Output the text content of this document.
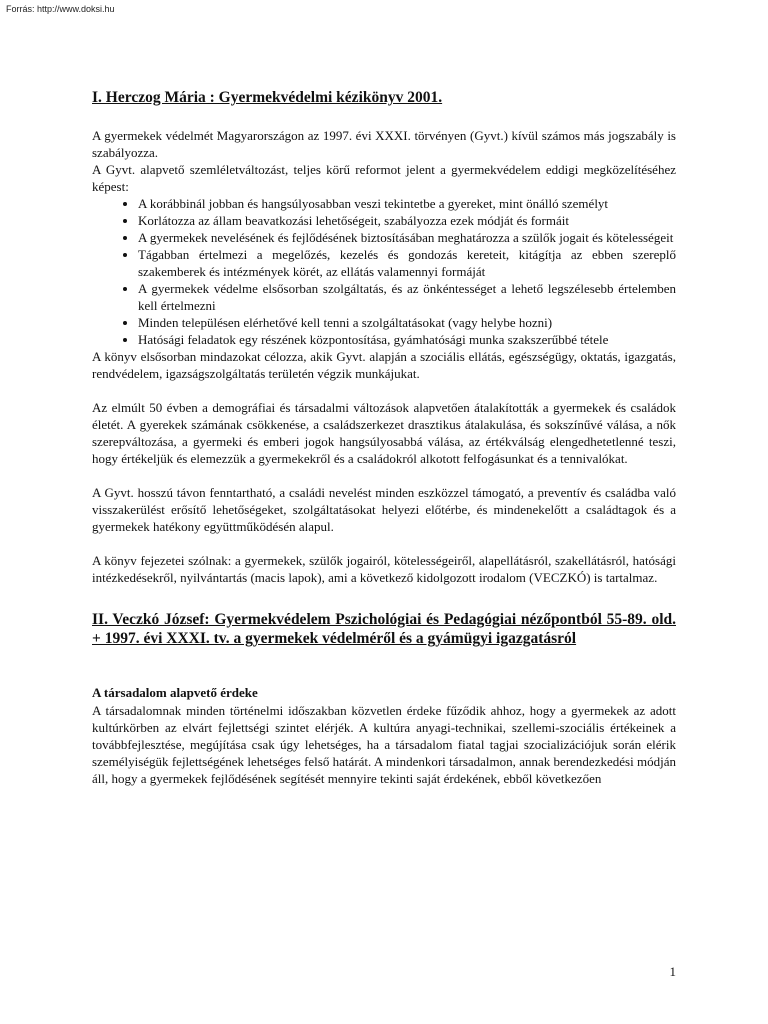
Forrás: http://www.doksi.hu
I. Herczog Mária : Gyermekvédelmi kézikönyv 2001.

A gyermekek védelmét Magyarországon az 1997. évi XXXI. törvényen (Gyvt.) kívül számos más jogszabály is szabályozza.

A Gyvt. alapvető szemléletváltozást, teljes körű reformot jelent a gyermekvédelem eddigi megközelítéséhez képest:

• A korábbinál jobban és hangsúlyosabban veszi tekintetbe a gyereket, mint önálló személyt
• Korlátozza az állam beavatkozási lehetőségeit, szabályozza ezek módját és formáit
• A gyermekek nevelésének és fejlődésének biztosításában meghatározza a szülők jogait és kötelességeit
• Tágabban értelmezi a megelőzés, kezelés és gondozás kereteit, kitágítja az ebben szereplő szakemberek és intézmények körét, az ellátás valamennyi formáját
• A gyermekek védelme elsősorban szolgáltatás, és az önkéntességet a lehető legszélesebb értelemben kell értelmezni
• Minden településen elérhetővé kell tenni a szolgáltatásokat (vagy helybe hozni)
• Hatósági feladatok egy részének központosítása, gyámhatósági munka szakszerűbbé tétele

A könyv elsősorban mindazokat célozza, akik Gyvt. alapján a szociális ellátás, egészségügy, oktatás, igazgatás, rendvédelem, igazságszolgáltatás területén végzik munkájukat.

Az elmúlt 50 évben a demográfiai és társadalmi változások alapvetően átalakították a gyermekek és családok életét. A gyerekek számának csökkenése, a családszerkezet drasztikus átalakulása, és sokszínűvé válása, a nők szerepváltozása, a gyermeki és emberi jogok hangsúlyosabbá válása, az értékválság elengedhetetlenné teszi, hogy értékeljük és elemezzük a gyermekekről és a családokról alkotott felfogásunkat és a tennivalókat.

A Gyvt. hosszú távon fenntartható, a családi nevelést minden eszközzel támogató, a preventív és családba való visszakerülést erősítő lehetőségeket, szolgáltatásokat helyezi előtérbe, és mindenekelőtt a családtagok és a gyermekek hatékony együttműködésén alapul.

A könyv fejezetei szólnak: a gyermekek, szülők jogairól, kötelességeiről, alapellátásról, szakellátásról, hatósági intézkedésekről, nyilvántartás (macis lapok), ami a következő kidolgozott irodalom (VECZKÓ) is tartalmaz.

II. Veczkó József: Gyermekvédelem Pszichológiai és Pedagógiai nézőpontból 55-89. old. + 1997. évi XXXI. tv. a gyermekek védelméről és a gyámügyi igazgatásról
A társadalom alapvető érdeke

A társadalomnak minden történelmi időszakban közvetlen érdeke fűződik ahhoz, hogy a gyermekek az adott kultúrkörben az elvárt fejlettségi szintet elérjék. A kultúra anyagi-technikai, szellemi-szociális értékeinek a továbbfejlesztése, megújítása csak úgy lehetséges, ha a társadalom fiatal tagjai szocializációjuk során elérik személyiségük fejlettségének lehetséges felső határát. A mindenkori társadalmon, annak berendezkedési módján áll, hogy a gyermekek fejlődésének segítését mennyire tekinti saját érdekének, ebből következően

1
